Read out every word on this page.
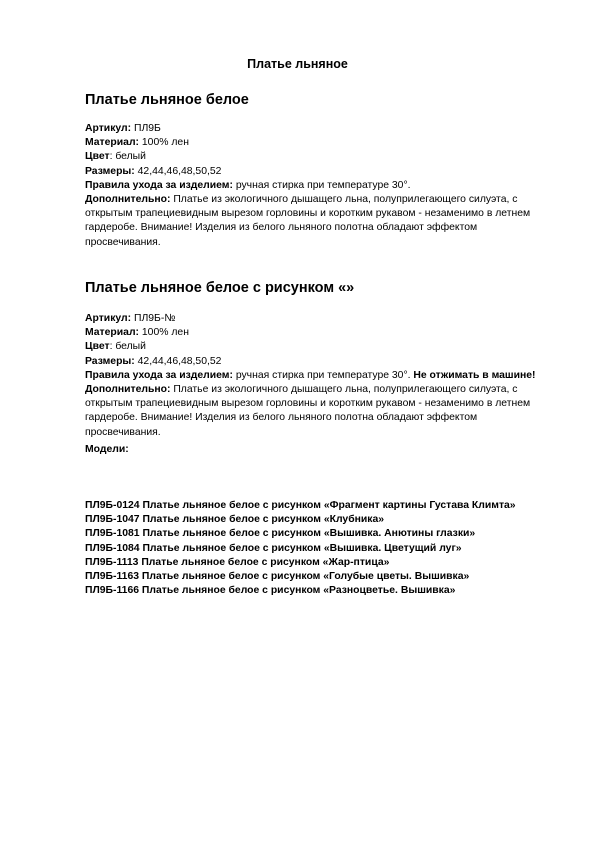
Платье льняное
Платье льняное белое

Артикул: ПЛ9Б

Материал: 100% лен

Цвет: белый

Размеры: 42,44,46,48,50,52

Правила ухода за изделием: ручная стирка при температуре 30°.

Дополнительно: Платье из экологичного дышащего льна, полуприлегающего силуэта, с открытым трапециевидным вырезом горловины и коротким рукавом - незаменимо в летнем гардеробе. Внимание! Изделия из белого льняного полотна обладают эффектом просвечивания.

Платье льняное белое с рисунком «»

Артикул: ПЛ9Б-№

Материал: 100% лен

Цвет: белый

Размеры: 42,44,46,48,50,52

Правила ухода за изделием: ручная стирка при температуре 30°. Не отжимать в машине!

Дополнительно: Платье из экологичного дышащего льна, полуприлегающего силуэта, с открытым трапециевидным вырезом горловины и коротким рукавом - незаменимо в летнем гардеробе. Внимание! Изделия из белого льняного полотна обладают эффектом просвечивания.

Модели:

ПЛ9Б-0124 Платье льняное белое с рисунком «Фрагмент картины Густава Климта»

ПЛ9Б-1047 Платье льняное белое с рисунком «Клубника»

ПЛ9Б-1081 Платье льняное белое с рисунком «Вышивка. Анютины глазки»

ПЛ9Б-1084 Платье льняное белое с рисунком «Вышивка. Цветущий луг»

ПЛ9Б-1113 Платье льняное белое с рисунком «Жар-птица»

ПЛ9Б-1163 Платье льняное белое с рисунком «Голубые цветы. Вышивка»

ПЛ9Б-1166 Платье льняное белое с рисунком «Разноцветье. Вышивка»
